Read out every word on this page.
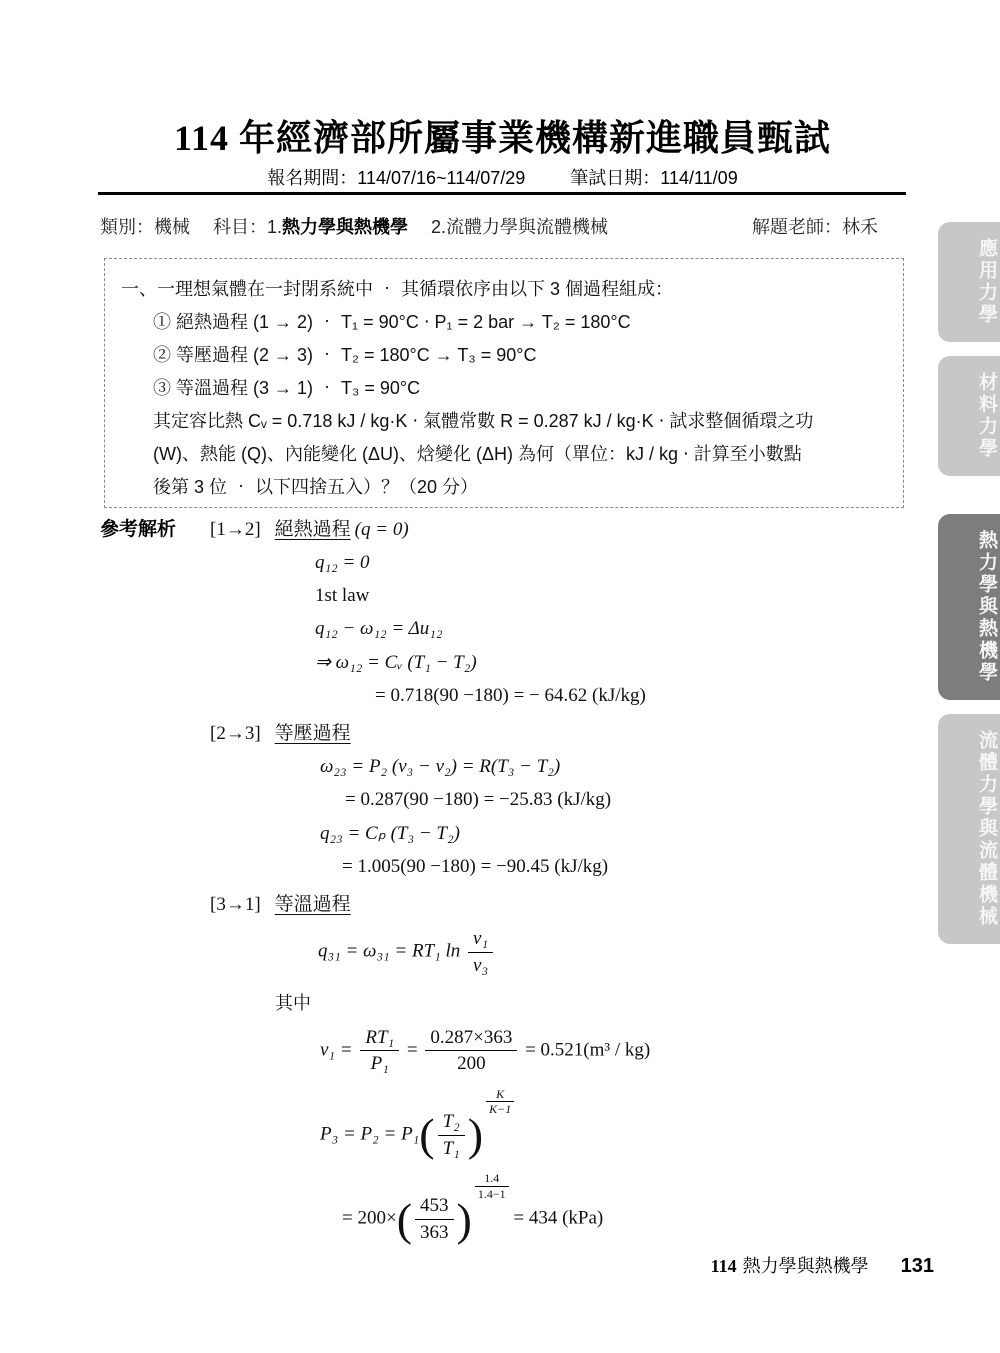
114 年經濟部所屬事業機構新進職員甄試
報名期間：114/07/16~114/07/29	筆試日期：114/11/09
類別：機械 科目：1.熱力學與熱機學 2.流體力學與流體機械	解題老師：林禾
一、一理想氣體在一封閉系統中 ‧ 其循環依序由以下 3 個過程組成：
① 絕熱過程 (1 → 2) ‧ T₁ = 90°C ‧ P₁ = 2 bar → T₂ = 180°C
② 等壓過程 (2 → 3) ‧ T₂ = 180°C → T₃ = 90°C
③ 等溫過程 (3 → 1) ‧ T₃ = 90°C
其定容比熱 Cᵥ = 0.718 kJ / kg·K ‧ 氣體常數 R = 0.287 kJ / kg·K ‧ 試求整個循環之功
(W)、熱能 (Q)、內能變化 (ΔU)、焓變化 (ΔH) 為何（單位：kJ / kg ‧ 計算至小數點
後第 3 位 ‧ 以下四捨五入）？（20 分）
參考解析 [1→2] 絕熱過程 (q = 0)
q₁₂ = 0
1st law
q₁₂ − ω₁₂ = Δu₁₂
⇒ ω₁₂ = Cᵥ (T₁ − T₂)
= 0.718(90 −180) = − 64.62 (kJ/kg)
[2→3] 等壓過程
ω₂₃ = P₂ (v₃ − v₂) = R(T₃ − T₂)
= 0.287(90 −180) = −25.83 (kJ/kg)
q₂₃ = Cₚ (T₃ − T₂)
= 1.005(90 −180) = −90.45 (kJ/kg)
[3→1] 等溫過程
q₃₁ = ω₃₁ = RT₁ $\ln \frac{\text{v₁}}{\text{v₃}}$
其中
$v_1 = \frac{\text{RT₁}}{\text{P₁}} = \frac{0.287\times 363}{200} = 0.521(m^3 / kg)$
$P_3 = P_2 = P_1( \frac{\text{T₂}}{\text{T₁}}$ )
$\frac{K}{K-1}$
= $200\times( \frac{453}{363}$ )
$\frac{1.4}{1.4-1}$
= 434 (kPa)
應用力學
材料力學
熱力學與熱機學
流體力學與流體機械
114 熱力學與熱機學 131
